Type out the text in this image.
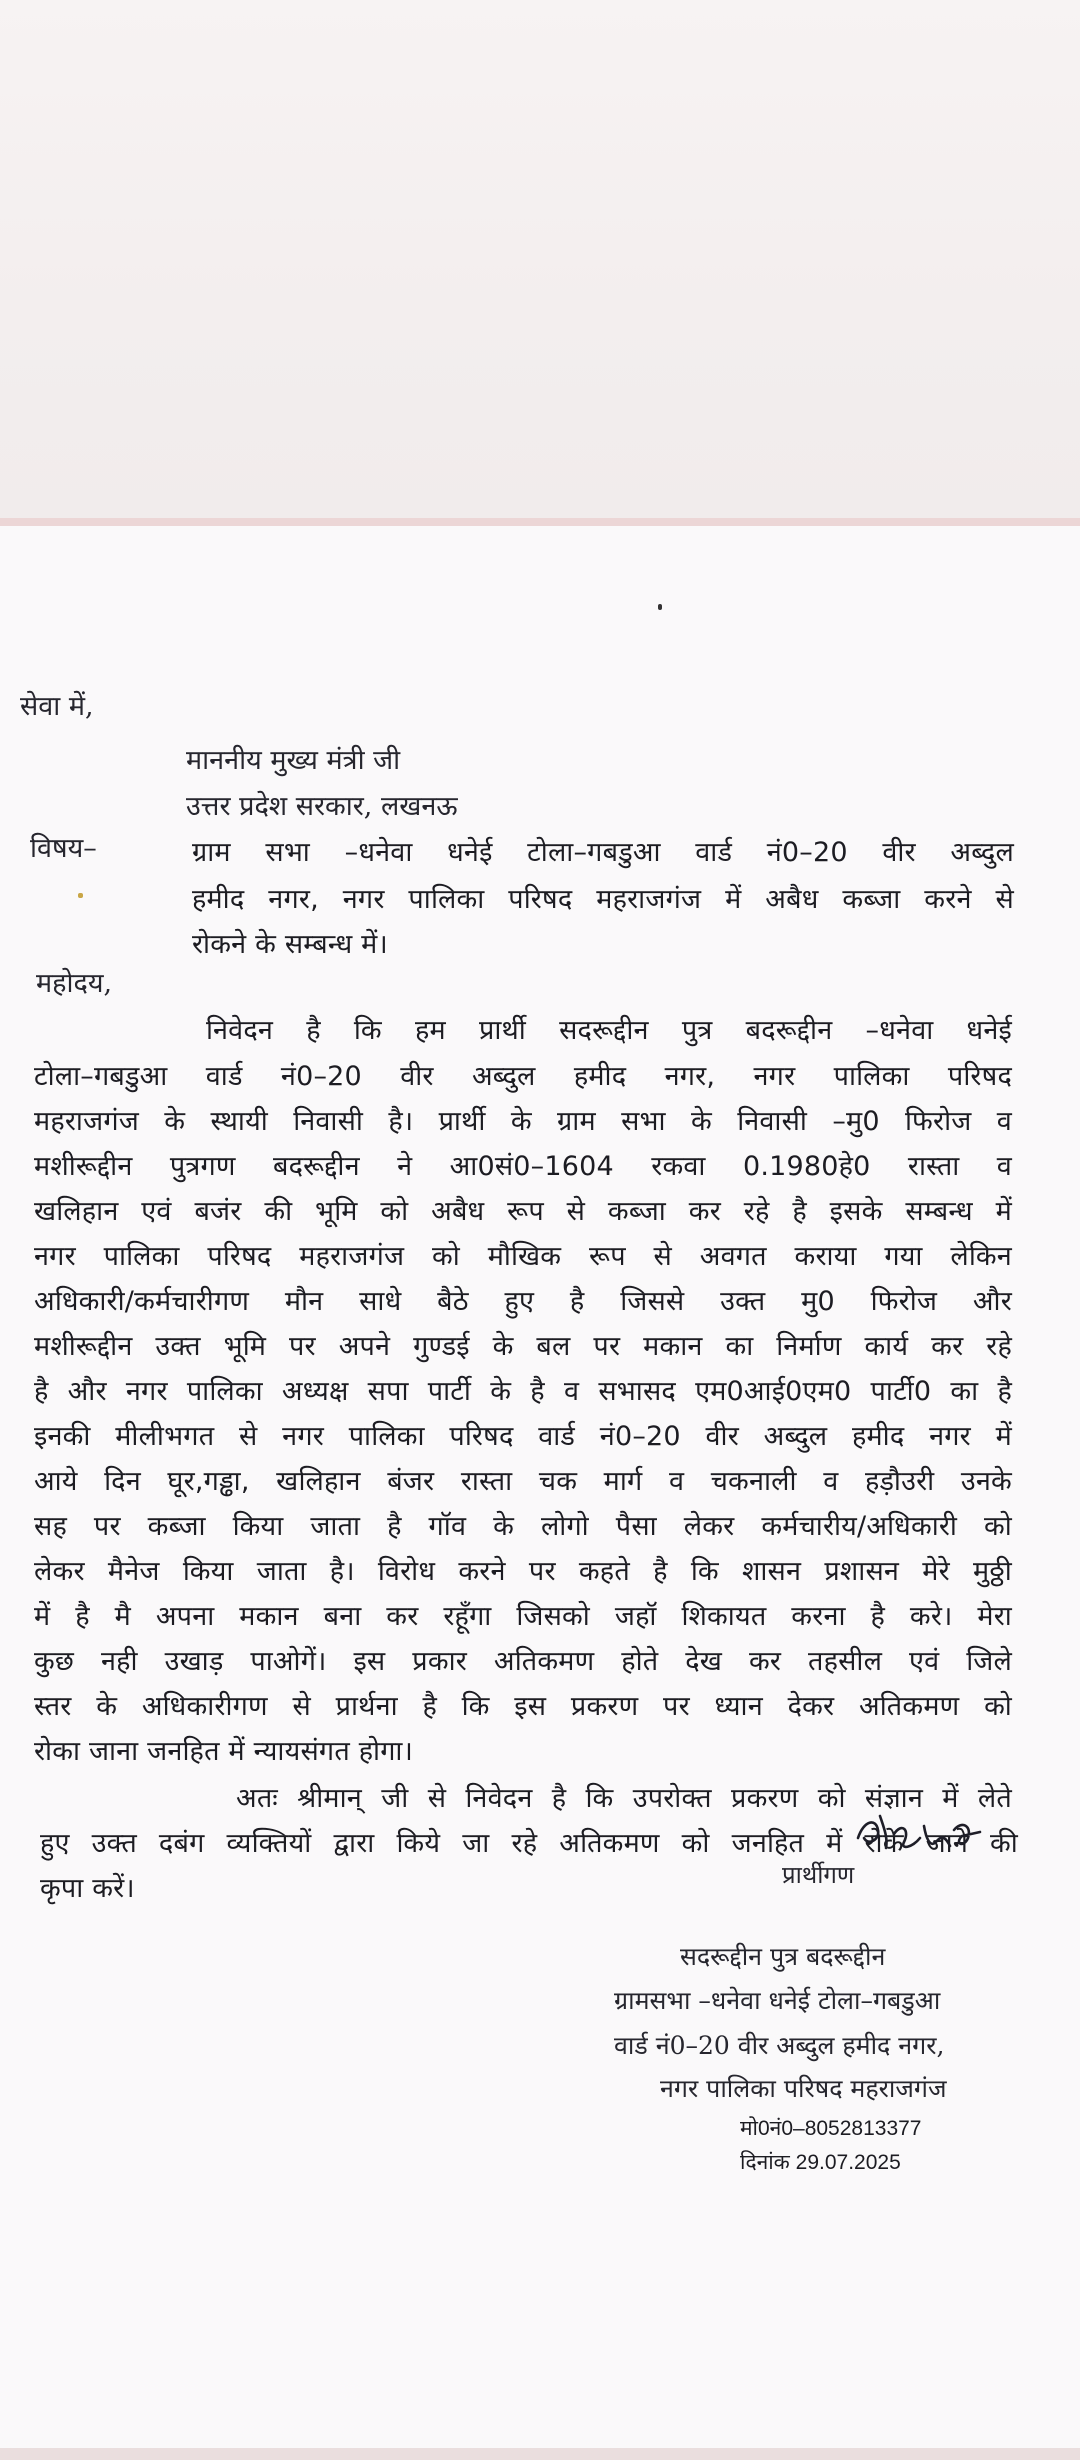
सेवा में,
माननीय मुख्य मंत्री जी
उत्तर प्रदेश सरकार, लखनऊ
विषय–	ग्राम सभा –धनेवा धनेई टोला–गबडुआ वार्ड नं0–20 वीर अब्दुल
हमीद नगर, नगर पालिका परिषद महराजगंज में अबैध कब्जा करने से
रोकने के सम्बन्ध में।
महोदय,
निवेदन है कि हम प्रार्थी सदरूद्दीन पुत्र बदरूद्दीन –धनेवा धनेई
टोला–गबडुआ वार्ड नं0–20 वीर अब्दुल हमीद नगर, नगर पालिका परिषद
महराजगंज के स्थायी निवासी है। प्रार्थी के ग्राम सभा के निवासी –मु0 फिरोज व
मशीरूद्दीन पुत्रगण बदरूद्दीन ने आ0सं0–1604 रकवा 0.1980हे0 रास्ता व
खलिहान एवं बजंर की भूमि को अबैध रूप से कब्जा कर रहे है इसके सम्बन्ध में
नगर पालिका परिषद महराजगंज को मौखिक रूप से अवगत कराया गया लेकिन
अधिकारी/कर्मचारीगण मौन साधे बैठे हुए है जिससे उक्त मु0 फिरोज और
मशीरूद्दीन उक्त भूमि पर अपने गुण्डई के बल पर मकान का निर्माण कार्य कर रहे
है और नगर पालिका अध्यक्ष सपा पार्टी के है व सभासद एम0आई0एम0 पार्टी0 का है
इनकी मीलीभगत से नगर पालिका परिषद वार्ड नं0–20 वीर अब्दुल हमीद नगर में
आये दिन घूर,गड्ढा, खलिहान बंजर रास्ता चक मार्ग व चकनाली व हड़ौउरी उनके
सह पर कब्जा किया जाता है गॉव के लोगो पैसा लेकर कर्मचारीय/अधिकारी को
लेकर मैनेज किया जाता है। विरोध करने पर कहते है कि शासन प्रशासन मेरे मुठ्ठी
में है मै अपना मकान बना कर रहूँगा जिसको जहॉ शिकायत करना है करे। मेरा
कुछ नही उखाड़ पाओगें। इस प्रकार अतिकमण होते देख कर तहसील एवं जिले
स्तर के अधिकारीगण से प्रार्थना है कि इस प्रकरण पर ध्यान देकर अतिकमण को
रोका जाना जनहित में न्यायसंगत होगा।
अतः श्रीमान् जी से निवेदन है कि उपरोक्त प्रकरण को संज्ञान में लेते
हुए उक्त दबंग व्यक्तियों द्वारा किये जा रहे अतिकमण को जनहित में रोके जाने की
कृपा करें।	प्रार्थीगण
सदरूद्दीन पुत्र बदरूद्दीन
ग्रामसभा –धनेवा धनेई टोला–गबडुआ
वार्ड नं0–20 वीर अब्दुल हमीद नगर,
नगर पालिका परिषद महराजगंज
मो0नं0–8052813377
दिनांक 29.07.2025
